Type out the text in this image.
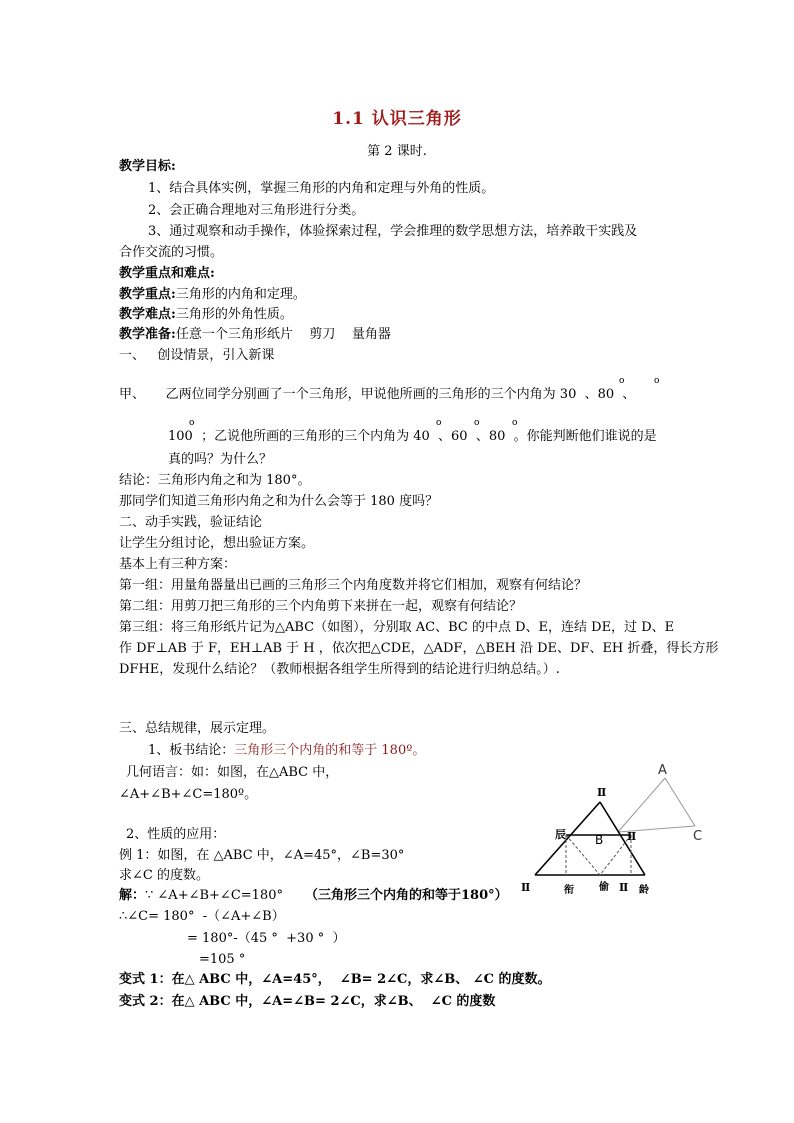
1.1 认识三角形
第 2 课时.
教学目标:
1、结合具体实例，掌握三角形的内角和定理与外角的性质。
2、会正确合理地对三角形进行分类。
3、通过观察和动手操作，体验探索过程，学会推理的数学思想方法，培养敢干实践及
合作交流的习惯。
教学重点和难点:
教学重点:三角形的内角和定理。
教学难点:三角形的外角性质。
教学准备:任意一个三角形纸片    剪刀    量角器
一、   创设情景，引入新课
甲、     乙两位同学分别画了一个三角形，甲说他所画的三角形的三个内角为 30  、80  、
o	o
100  ；乙说他所画的三角形的三个内角为 40  、60  、80  。你能判断他们谁说的是
o	o	o	o
真的吗？为什么？
结论：三角形内角之和为 180°。
那同学们知道三角形内角之和为什么会等于 180 度吗？
二、动手实践，验证结论
让学生分组讨论，想出验证方案。
基本上有三种方案：
第一组：用量角器量出已画的三角形三个内角度数并将它们相加，观察有何结论？
第二组：用剪刀把三角形的三个内角剪下来拼在一起，观察有何结论？
第三组：将三角形纸片记为△ABC（如图），分别取 AC、BC 的中点 D、E，连结 DE，过 D、E
作 DF⊥AB 于 F，EH⊥AB 于 H ，依次把△CDE，△ADF，△BEH 沿 DE、DF、EH 折叠，得长方形
DFHE，发现什么结论？（教师根据各组学生所得到的结论进行归纳总结。）.
三、总结规律，展示定理。
1、板书结论：三角形三个内角的和等于 180º。
几何语言：如：如图，在△ABC 中，
∠A+∠B+∠C=180º。
2、性质的应用：
例 1：如图，在 △ABC 中，∠A=45°，∠B=30°
求∠C 的度数。
解：∵ ∠A+∠B+∠C=180° （三角形三个内角的和等于180°）
∴∠C= 180°  -（∠A+∠B）
= 180°-（45 °  +30 °  ）
=105 °
变式 1：在△ ABC 中，∠A=45°，  ∠B= 2∠C，求∠B、 ∠C 的度数。
变式 2：在△ ABC 中，∠A=∠B= 2∠C，求∠B、  ∠C 的度数
A
B	C
辰
衔	偷	龄
Ⅱ
Ⅱ
Ⅱ	Ⅱ
